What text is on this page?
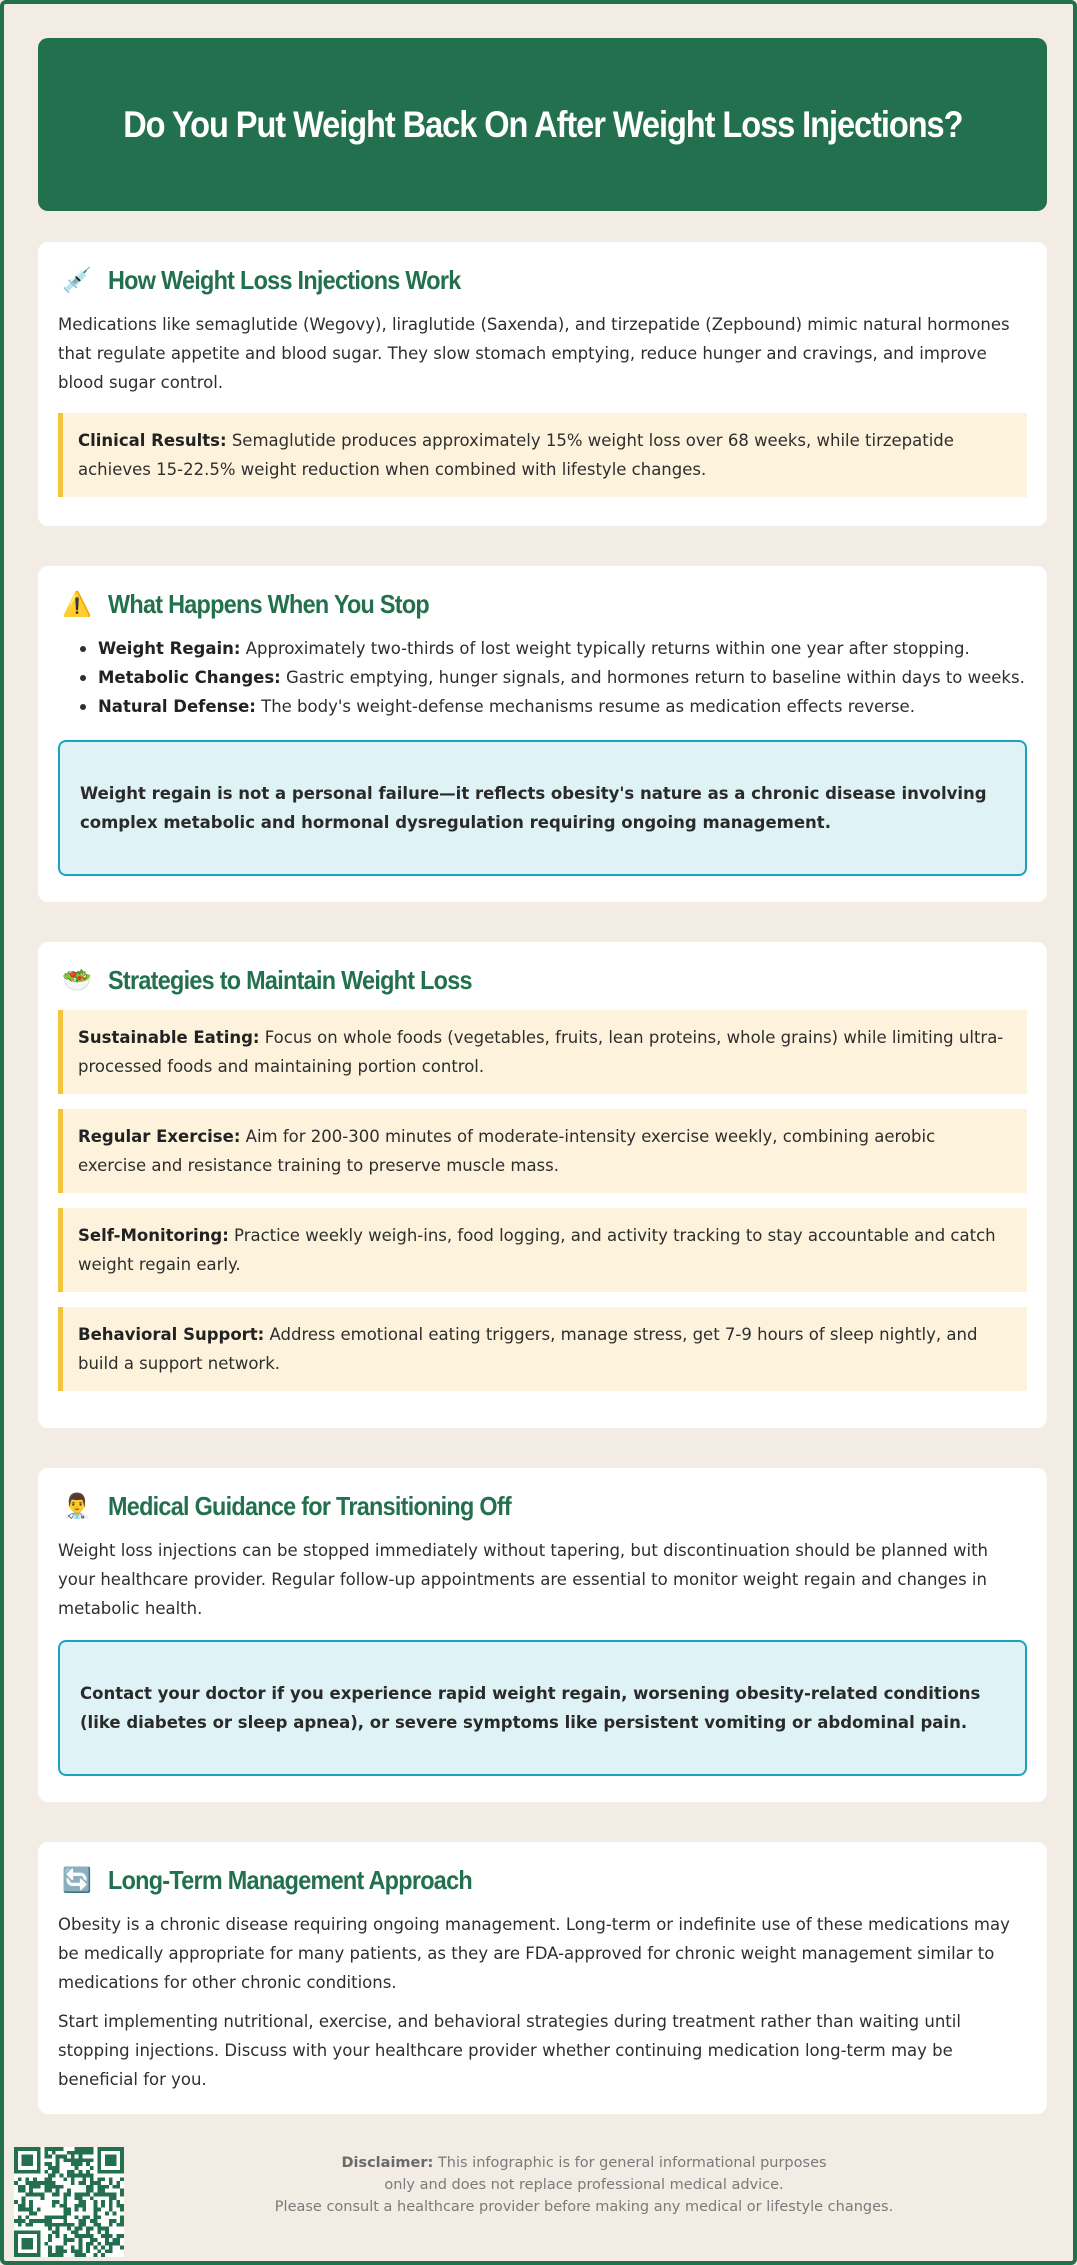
Do You Put Weight Back On After Weight Loss Injections?
💉 How Weight Loss Injections Work

Medications like semaglutide (Wegovy), liraglutide (Saxenda), and tirzepatide (Zepbound) mimic natural hormones that regulate appetite and blood sugar. They slow stomach emptying, reduce hunger and cravings, and improve blood sugar control.

Clinical Results: Semaglutide produces approximately 15% weight loss over 68 weeks, while tirzepatide achieves 15-22.5% weight reduction when combined with lifestyle changes.
⚠️ What Happens When You Stop
Weight Regain: Approximately two-thirds of lost weight typically returns within one year after stopping.
Metabolic Changes: Gastric emptying, hunger signals, and hormones return to baseline within days to weeks.
Natural Defense: The body's weight-defense mechanisms resume as medication effects reverse.
Weight regain is not a personal failure—it reflects obesity's nature as a chronic disease involving complex metabolic and hormonal dysregulation requiring ongoing management.
🥗 Strategies to Maintain Weight Loss
Sustainable Eating: Focus on whole foods (vegetables, fruits, lean proteins, whole grains) while limiting ultra-processed foods and maintaining portion control.
Regular Exercise: Aim for 200-300 minutes of moderate-intensity exercise weekly, combining aerobic exercise and resistance training to preserve muscle mass.
Self-Monitoring: Practice weekly weigh-ins, food logging, and activity tracking to stay accountable and catch weight regain early.
Behavioral Support: Address emotional eating triggers, manage stress, get 7-9 hours of sleep nightly, and build a support network.
👨‍⚕️ Medical Guidance for Transitioning Off

Weight loss injections can be stopped immediately without tapering, but discontinuation should be planned with your healthcare provider. Regular follow-up appointments are essential to monitor weight regain and changes in metabolic health.

Contact your doctor if you experience rapid weight regain, worsening obesity-related conditions (like diabetes or sleep apnea), or severe symptoms like persistent vomiting or abdominal pain.
🔄 Long-Term Management Approach

Obesity is a chronic disease requiring ongoing management. Long-term or indefinite use of these medications may be medically appropriate for many patients, as they are FDA-approved for chronic weight management similar to medications for other chronic conditions.

Start implementing nutritional, exercise, and behavioral strategies during treatment rather than waiting until stopping injections. Discuss with your healthcare provider whether continuing medication long-term may be beneficial for you.

Disclaimer: This infographic is for general informational purposes
only and does not replace professional medical advice.
Please consult a healthcare provider before making any medical or lifestyle changes.
